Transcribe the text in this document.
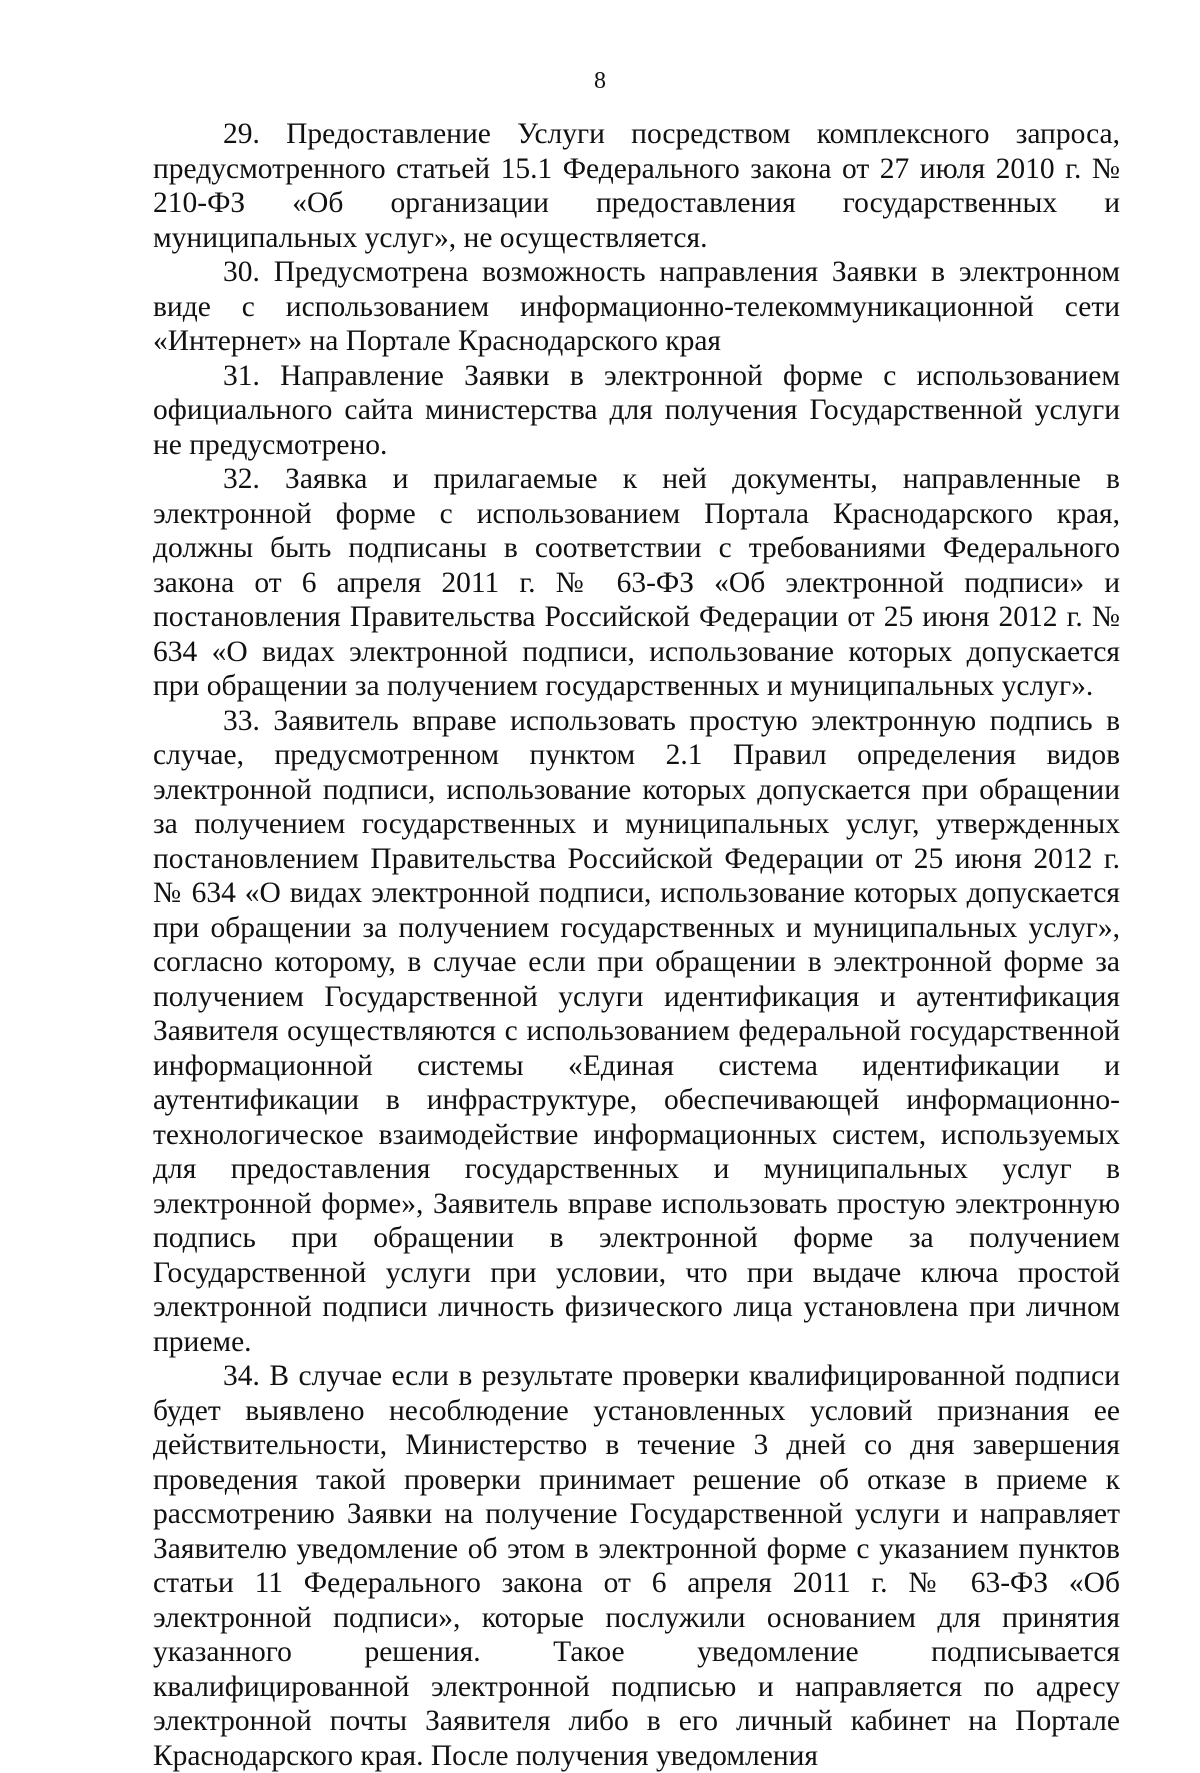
8

29. Предоставление Услуги посредством комплексного запроса, предусмотренного статьей 15.1 Федерального закона от 27 июля 2010 г. № 210-ФЗ «Об организации предоставления государственных и муниципальных услуг», не осуществляется.

30. Предусмотрена возможность направления Заявки в электронном виде с использованием информационно-телекоммуникационной сети «Интернет» на Портале Краснодарского края

31. Направление Заявки в электронной форме с использованием официального сайта министерства для получения Государственной услуги не предусмотрено.

32. Заявка и прилагаемые к ней документы, направленные в электронной форме с использованием Портала Краснодарского края, должны быть подписаны в соответствии с требованиями Федерального закона от 6 апреля 2011 г. № 63-ФЗ «Об электронной подписи» и постановления Правительства Российской Федерации от 25 июня 2012 г. № 634 «О видах электронной подписи, использование которых допускается при обращении за получением государственных и муниципальных услуг».

33. Заявитель вправе использовать простую электронную подпись в случае, предусмотренном пунктом 2.1 Правил определения видов электронной подписи, использование которых допускается при обращении за получением государственных и муниципальных услуг, утвержденных постановлением Правительства Российской Федерации от 25 июня 2012 г. № 634 «О видах электронной подписи, использование которых допускается при обращении за получением государственных и муниципальных услуг», согласно которому, в случае если при обращении в электронной форме за получением Государственной услуги идентификация и аутентификация Заявителя осуществляются с использованием федеральной государственной информационной системы «Единая система идентификации и аутентификации в инфраструктуре, обеспечивающей информационно-технологическое взаимодействие информационных систем, используемых для предоставления государственных и муниципальных услуг в электронной форме», Заявитель вправе использовать простую электронную подпись при обращении в электронной форме за получением Государственной услуги при условии, что при выдаче ключа простой электронной подписи личность физического лица установлена при личном приеме.

34. В случае если в результате проверки квалифицированной подписи будет выявлено несоблюдение установленных условий признания ее действительности, Министерство в течение 3 дней со дня завершения проведения такой проверки принимает решение об отказе в приеме к рассмотрению Заявки на получение Государственной услуги и направляет Заявителю уведомление об этом в электронной форме с указанием пунктов статьи 11 Федерального закона от 6 апреля 2011 г. № 63-ФЗ «Об электронной подписи», которые послужили основанием для принятия указанного решения. Такое уведомление подписывается квалифицированной электронной подписью и направляется по адресу электронной почты Заявителя либо в его личный кабинет на Портале Краснодарского края. После получения уведомления
